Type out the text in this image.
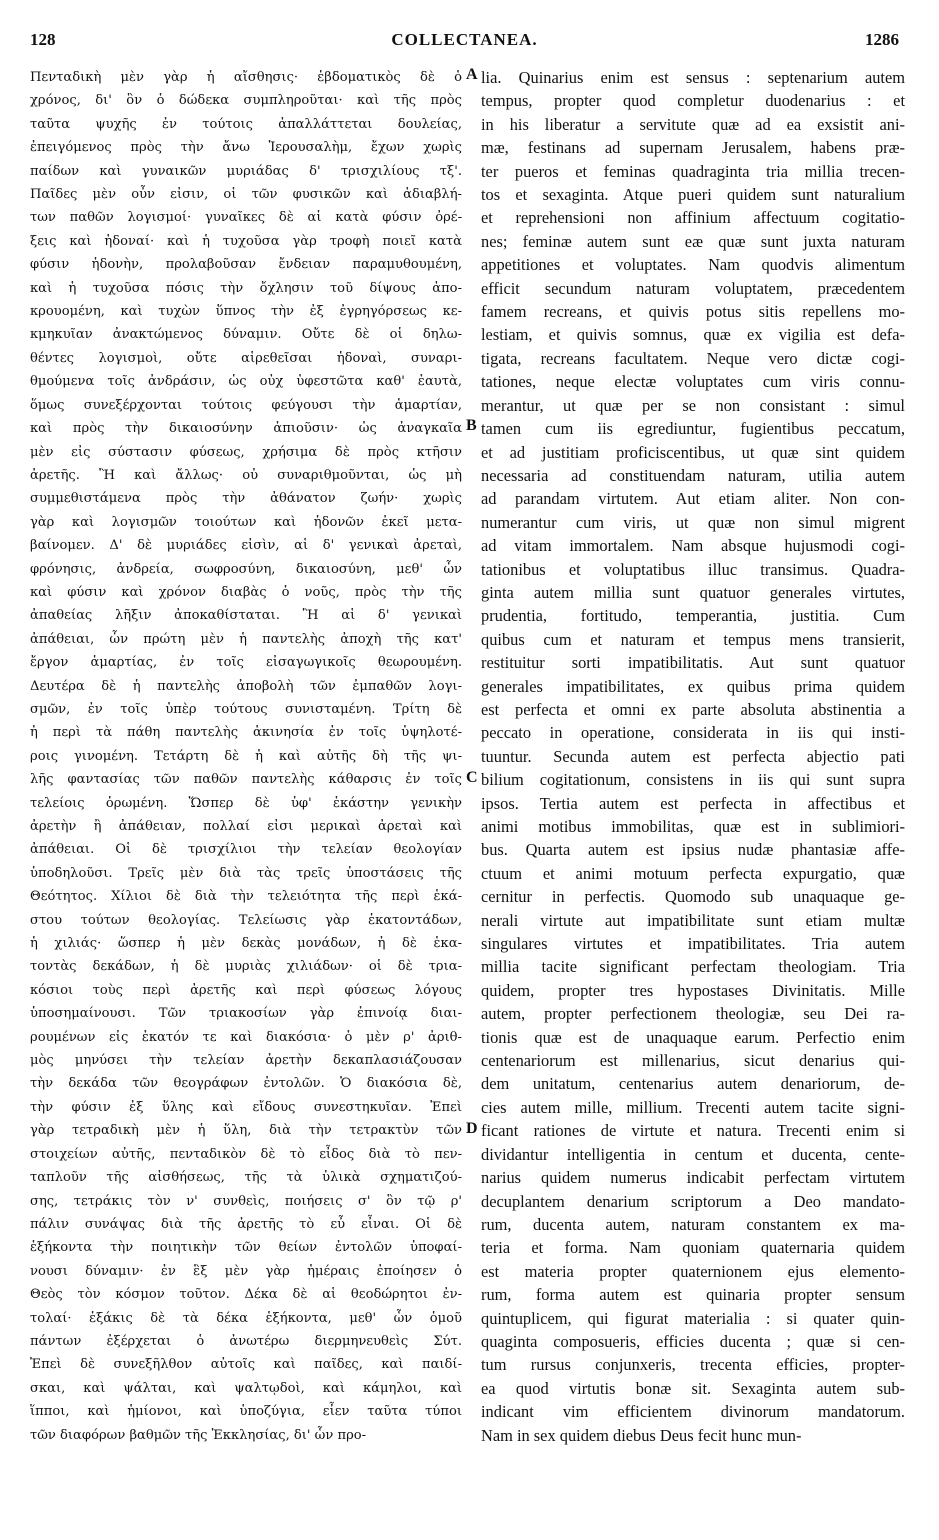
128	COLLECTANEA.	1286
Πενταδικὴ μὲν γὰρ ἡ αἴσθησις· ἑβδοματικὸς δὲ ὁ
χρόνος, δι' ὃν ὁ δώδεκα συμπληροῦται· καὶ τῆς πρὸς
ταῦτα ψυχῆς ἐν τούτοις ἀπαλλάττεται δουλείας,
ἐπειγόμενος πρὸς τὴν ἄνω Ἱερουσαλὴμ, ἔχων χωρὶς
παίδων καὶ γυναικῶν μυριάδας δ' τρισχιλίους τξ'.
Παῖδες μὲν οὖν εἰσιν, οἱ τῶν φυσικῶν καὶ ἀδιαβλή-
των παθῶν λογισμοί· γυναῖκες δὲ αἱ κατὰ φύσιν ὀρέ-
ξεις καὶ ἡδοναί· καὶ ἡ τυχοῦσα γὰρ τροφὴ ποιεῖ κατὰ
φύσιν ἡδονὴν, προλαβοῦσαν ἔνδειαν παραμυθουμένη,
καὶ ἡ τυχοῦσα πόσις τὴν ὄχλησιν τοῦ δίψους ἀπο-
κρουομένη, καὶ τυχὼν ὕπνος τὴν ἐξ ἐγρηγόρσεως κε-
κμηκυῖαν ἀνακτώμενος δύναμιν. Οὔτε δὲ οἱ δηλω-
θέντες λογισμοὶ, οὔτε αἱρεθεῖσαι ἡδοναὶ, συναρι-
θμούμενα τοῖς ἀνδράσιν, ὡς οὐχ ὑφεστῶτα καθ' ἑαυτὰ,
ὅμως συνεξέρχονται τούτοις φεύγουσι τὴν ἁμαρτίαν,
καὶ πρὸς τὴν δικαιοσύνην ἀπιοῦσιν· ὡς ἀναγκαῖα
μὲν εἰς σύστασιν φύσεως, χρήσιμα δὲ πρὸς κτῆσιν
ἀρετῆς. Ἢ καὶ ἄλλως· οὐ συναριθμοῦνται, ὡς μὴ
συμμεθιστάμενα πρὸς τὴν ἀθάνατον ζωήν· χωρὶς
γὰρ καὶ λογισμῶν τοιούτων καὶ ἡδονῶν ἐκεῖ μετα-
βαίνομεν. Δ' δὲ μυριάδες εἰσὶν, αἱ δ' γενικαὶ ἀρεταὶ,
φρόνησις, ἀνδρεία, σωφροσύνη, δικαιοσύνη, μεθ' ὧν
καὶ φύσιν καὶ χρόνον διαβὰς ὁ νοῦς, πρὸς τὴν τῆς
ἀπαθείας λῆξιν ἀποκαθίσταται. Ἢ αἱ δ' γενικαὶ
ἀπάθειαι, ὧν πρώτη μὲν ἡ παντελὴς ἀποχὴ τῆς κατ'
ἔργον ἁμαρτίας, ἐν τοῖς εἰσαγωγικοῖς θεωρουμένη.
Δευτέρα δὲ ἡ παντελὴς ἀποβολὴ τῶν ἐμπαθῶν λογι-
σμῶν, ἐν τοῖς ὑπὲρ τούτους συνισταμένη. Τρίτη δὲ
ἡ περὶ τὰ πάθη παντελὴς ἀκινησία ἐν τοῖς ὑψηλοτέ-
ροις γινομένη. Τετάρτη δὲ ἡ καὶ αὐτῆς δὴ τῆς ψι-
λῆς φαντασίας τῶν παθῶν παντελὴς κάθαρσις ἐν τοῖς
τελείοις ὁρωμένη. Ὥσπερ δὲ ὑφ' ἑκάστην γενικὴν
ἀρετὴν ἢ ἀπάθειαν, πολλαί εἰσι μερικαὶ ἀρεταὶ καὶ
ἀπάθειαι. Οἱ δὲ τρισχίλιοι τὴν τελείαν θεολογίαν
ὑποδηλοῦσι. Τρεῖς μὲν διὰ τὰς τρεῖς ὑποστάσεις τῆς
Θεότητος. Χίλιοι δὲ διὰ τὴν τελειότητα τῆς περὶ ἑκά-
στου τούτων θεολογίας. Τελείωσις γὰρ ἑκατοντάδων,
ἡ χιλιάς· ὥσπερ ἡ μὲν δεκὰς μονάδων, ἡ δὲ ἑκα-
τοντὰς δεκάδων, ἡ δὲ μυριὰς χιλιάδων· οἱ δὲ τρια-
κόσιοι τοὺς περὶ ἀρετῆς καὶ περὶ φύσεως λόγους
ὑποσημαίνουσι. Τῶν τριακοσίων γὰρ ἐπινοίᾳ διαι-
ρουμένων εἰς ἑκατόν τε καὶ διακόσια· ὁ μὲν ρ' ἀριθ-
μὸς μηνύσει τὴν τελείαν ἀρετὴν δεκαπλασιάζουσαν
τὴν δεκάδα τῶν θεογράφων ἐντολῶν. Ὁ διακόσια δὲ,
τὴν φύσιν ἐξ ὕλης καὶ εἴδους συνεστηκυῖαν. Ἐπεὶ
γὰρ τετραδικὴ μὲν ἡ ὕλη, διὰ τὴν τετρακτὺν τῶν
στοιχείων αὐτῆς, πενταδικὸν δὲ τὸ εἶδος διὰ τὸ πεν-
ταπλοῦν τῆς αἰσθήσεως, τῆς τὰ ὑλικὰ σχηματιζού-
σης, τετράκις τὸν ν' συνθεὶς, ποιήσεις σ' ὃν τῷ ρ'
πάλιν συνάψας διὰ τῆς ἀρετῆς τὸ εὖ εἶναι. Οἱ δὲ
ἑξήκοντα τὴν ποιητικὴν τῶν θείων ἐντολῶν ὑποφαί-
νουσι δύναμιν· ἐν ἓξ μὲν γὰρ ἡμέραις ἐποίησεν ὁ
Θεὸς τὸν κόσμον τοῦτον. Δέκα δὲ αἱ θεοδώρητοι ἐν-
τολαί· ἑξάκις δὲ τὰ δέκα ἑξήκοντα, μεθ' ὧν ὁμοῦ
πάντων ἐξέρχεται ὁ ἀνωτέρω διερμηνευθεὶς Σύτ.
Ἐπεὶ δὲ συνεξῆλθον αὐτοῖς καὶ παῖδες, καὶ παιδί-
σκαι, καὶ ψάλται, καὶ ψαλτῳδοὶ, καὶ κάμηλοι, καὶ
ἵπποι, καὶ ἡμίονοι, καὶ ὑποζύγια, εἶεν ταῦτα τύποι
τῶν διαφόρων βαθμῶν τῆς Ἐκκλησίας, δι' ὧν προ-
lia. Quinarius enim est sensus : septenarium autem
tempus, propter quod completur duodenarius : et
in his liberatur a servitute quæ ad ea exsistit ani-
mæ, festinans ad supernam Jerusalem, habens præ-
ter pueros et feminas quadraginta tria millia trecen-
tos et sexaginta. Atque pueri quidem sunt naturalium
et reprehensioni non affinium affectuum cogitatio-
nes; feminæ autem sunt eæ quæ sunt juxta naturam
appetitiones et voluptates. Nam quodvis alimentum
efficit secundum naturam voluptatem, præcedentem
famem recreans, et quivis potus sitis repellens mo-
lestiam, et quivis somnus, quæ ex vigilia est defa-
tigata, recreans facultatem. Neque vero dictæ cogi-
tationes, neque electæ voluptates cum viris connu-
merantur, ut quæ per se non consistant : simul
tamen cum iis egrediuntur, fugientibus peccatum,
et ad justitiam proficiscentibus, ut quæ sint quidem
necessaria ad constituendam naturam, utilia autem
ad parandam virtutem. Aut etiam aliter. Non con-
numerantur cum viris, ut quæ non simul migrent
ad vitam immortalem. Nam absque hujusmodi cogi-
tationibus et voluptatibus illuc transimus. Quadra-
ginta autem millia sunt quatuor generales virtutes,
prudentia, fortitudo, temperantia, justitia. Cum
quibus cum et naturam et tempus mens transierit,
restituitur sorti impatibilitatis. Aut sunt quatuor
generales impatibilitates, ex quibus prima quidem
est perfecta et omni ex parte absoluta abstinentia a
peccato in operatione, considerata in iis qui insti-
tuuntur. Secunda autem est perfecta abjectio pati
bilium cogitationum, consistens in iis qui sunt supra
ipsos. Tertia autem est perfecta in affectibus et
animi motibus immobilitas, quæ est in sublimiori-
bus. Quarta autem est ipsius nudæ phantasiæ affe-
ctuum et animi motuum perfecta expurgatio, quæ
cernitur in perfectis. Quomodo sub unaquaque ge-
nerali virtute aut impatibilitate sunt etiam multæ
singulares virtutes et impatibilitates. Tria autem
millia tacite significant perfectam theologiam. Tria
quidem, propter tres hypostases Divinitatis. Mille
autem, propter perfectionem theologiæ, seu Dei ra-
tionis quæ est de unaquaque earum. Perfectio enim
centenariorum est millenarius, sicut denarius qui-
dem unitatum, centenarius autem denariorum, de-
cies autem mille, millium. Trecenti autem tacite signi-
ficant rationes de virtute et natura. Trecenti enim si
dividantur intelligentia in centum et ducenta, cente-
narius quidem numerus indicabit perfectam virtutem
decuplantem denarium scriptorum a Deo mandato-
rum, ducenta autem, naturam constantem ex ma-
teria et forma. Nam quoniam quaternaria quidem
est materia propter quaternionem ejus elemento-
rum, forma autem est quinaria propter sensum
quintuplicem, qui figurat materialia : si quater quin-
quaginta composueris, efficies ducenta ; quæ si cen-
tum rursus conjunxeris, trecenta efficies, propter-
ea quod virtutis bonæ sit. Sexaginta autem sub-
indicant vim efficientem divinorum mandatorum.
Nam in sex quidem diebus Deus fecit hunc mun-
A
B
C
D
